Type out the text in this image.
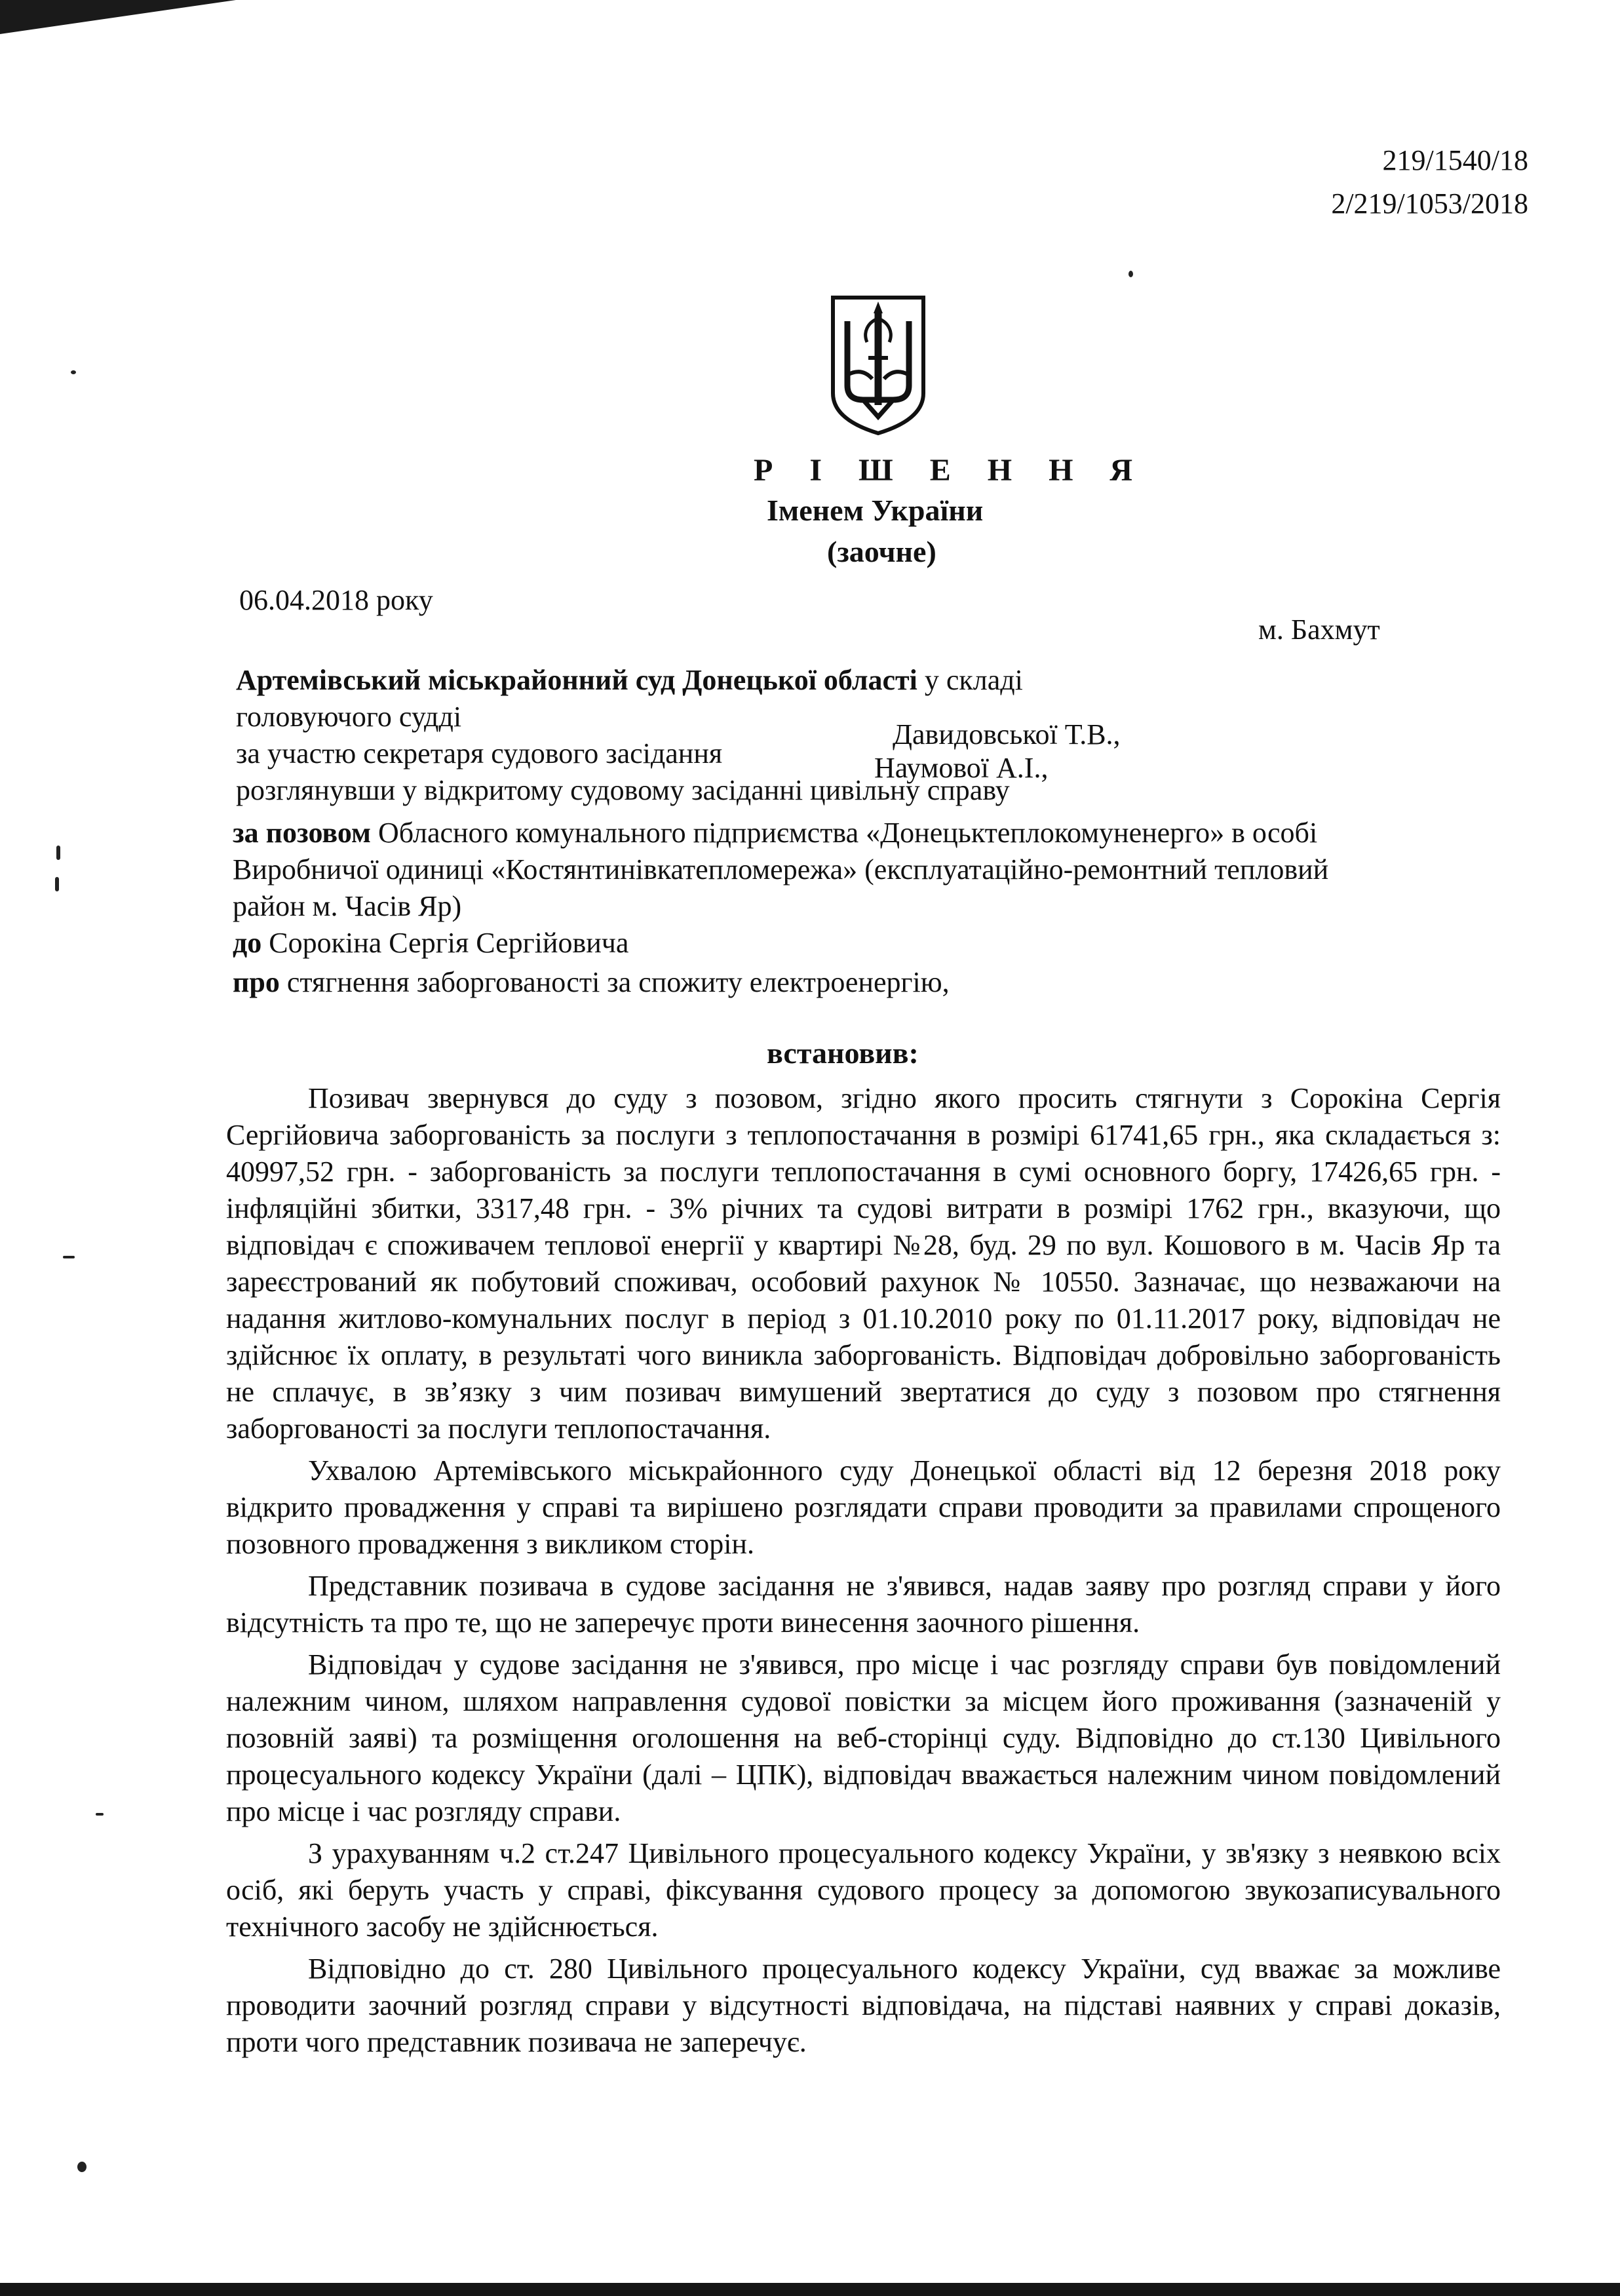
219/1540/18
2/219/1053/2018
Р І Ш Е Н Н Я
Іменем України
(заочне)
06.04.2018 року
м. Бахмут
Артемівський міськрайонний суд Донецької області у складі
головуючого судді
Давидовської Т.В.,
за участю секретаря судового засідання	Наумової А.І.,
розглянувши у відкритому судовому засіданні цивільну справу
за позовом Обласного комунального підприємства «Донецьктеплокомуненерго» в особі
Виробничої одиниці «Костянтинівкатепломережа» (експлуатаційно-ремонтний тепловий
район м. Часів Яр)
до Сорокіна Сергія Сергійовича
про стягнення заборгованості за спожиту електроенергію,
встановив:

Позивач звернувся до суду з позовом, згідно якого просить стягнути з Сорокіна Сергія Сергійовича заборгованість за послуги з теплопостачання в розмірі 61741,65 грн., яка складається з: 40997,52 грн. - заборгованість за послуги теплопостачання в сумі основного боргу, 17426,65 грн. - інфляційні збитки, 3317,48 грн. - 3% річних та судові витрати в розмірі 1762 грн., вказуючи, що відповідач є споживачем теплової енергії у квартирі №28, буд. 29 по вул. Кошового в м. Часів Яр та зареєстрований як побутовий споживач, особовий рахунок № 10550. Зазначає, що незважаючи на надання житлово-комунальних послуг в період з 01.10.2010 року по 01.11.2017 року, відповідач не здійснює їх оплату, в результаті чого виникла заборгованість. Відповідач добровільно заборгованість не сплачує, в зв’язку з чим позивач вимушений звертатися до суду з позовом про стягнення заборгованості за послуги теплопостачання.

Ухвалою Артемівського міськрайонного суду Донецької області від 12 березня 2018 року відкрито провадження у справі та вирішено розглядати справи проводити за правилами спрощеного позовного провадження з викликом сторін.

Представник позивача в судове засідання не з'явився, надав заяву про розгляд справи у його відсутність та про те, що не заперечує проти винесення заочного рішення.

Відповідач у судове засідання не з'явився, про місце і час розгляду справи був повідомлений належним чином, шляхом направлення судової повістки за місцем його проживання (зазначеній у позовній заяві) та розміщення оголошення на веб-сторінці суду. Відповідно до ст.130 Цивільного процесуального кодексу України (далі – ЦПК), відповідач вважається належним чином повідомлений про місце і час розгляду справи.

З урахуванням ч.2 ст.247 Цивільного процесуального кодексу України, у зв'язку з неявкою всіх осіб, які беруть участь у справі, фіксування судового процесу за допомогою звукозаписувального технічного засобу не здійснюється.

Відповідно до ст. 280 Цивільного процесуального кодексу України, суд вважає за можливе проводити заочний розгляд справи у відсутності відповідача, на підставі наявних у справі доказів, проти чого представник позивача не заперечує.
